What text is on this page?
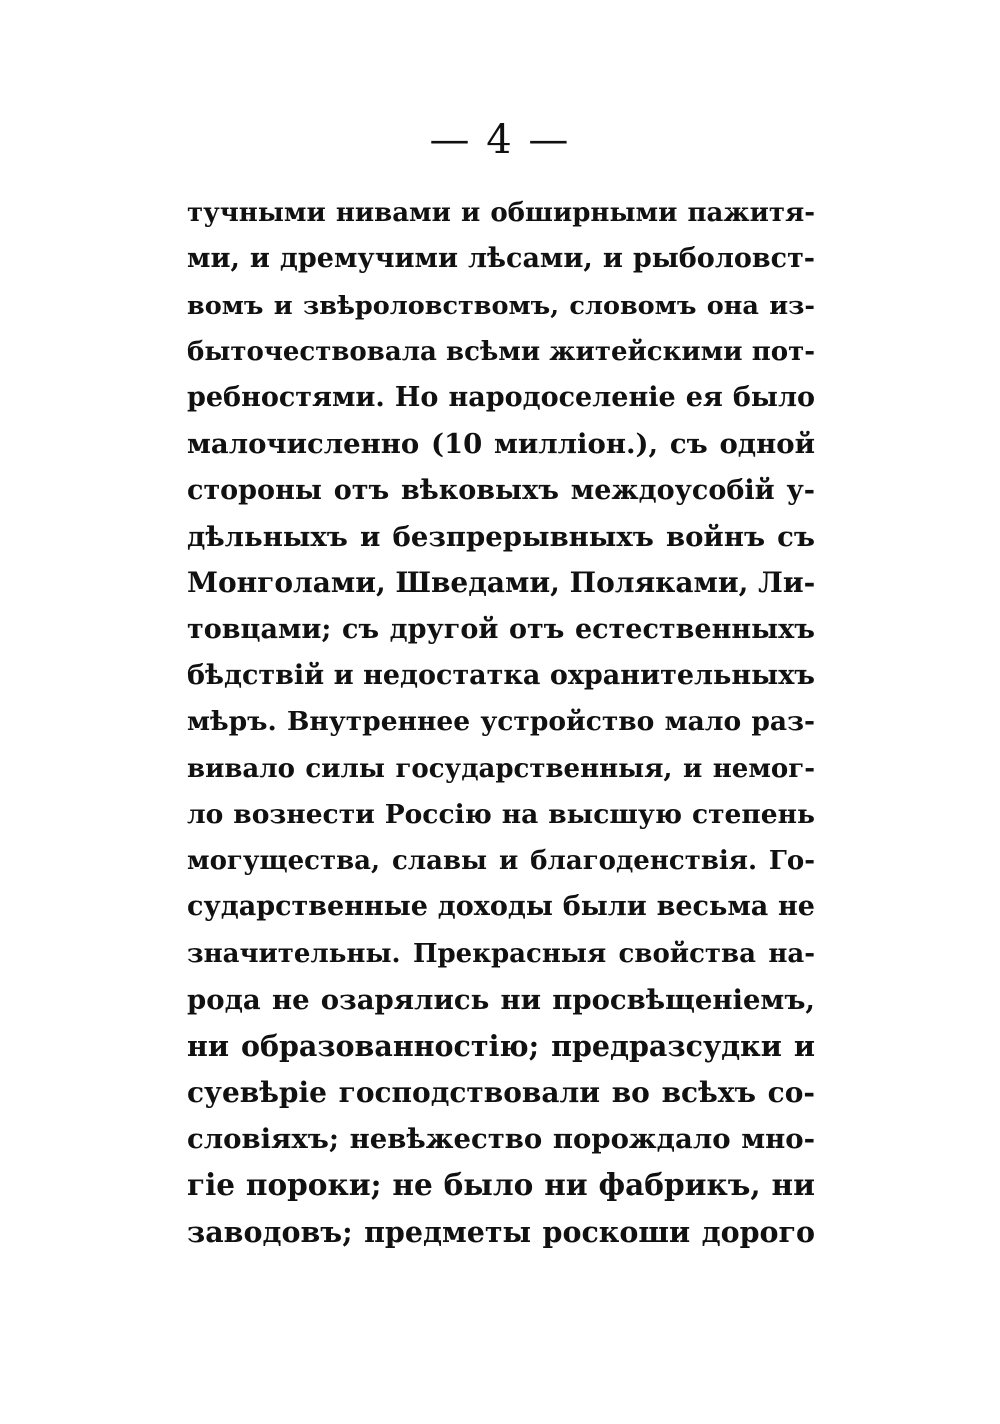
— 4 —
тучными нивами и обширными пажитя-
ми, и дремучими лѣсами, и рыболовст-
вомъ и звѣроловствомъ, словомъ она из-
быточествовала всѣми житейскими пот-
ребностями. Но народоселеніе ея было
малочисленно (10 милліон.), съ одной
стороны отъ вѣковыхъ междоусобій у-
дѣльныхъ и безпрерывныхъ войнъ съ
Монголами, Шведами, Поляками, Ли-
товцами; съ другой отъ естественныхъ
бѣдствій и недостатка охранительныхъ
мѣръ. Внутреннее устройство мало раз-
вивало силы государственныя, и немог-
ло вознести Россію на высшую степень
могущества, славы и благоденствія. Го-
сударственные доходы были весьма не
значительны. Прекрасныя свойства на-
рода не озарялись ни просвѣщеніемъ,
ни образованностію; предразсудки и
суевѣріе господствовали во всѣхъ со-
словіяхъ; невѣжество порождало мно-
гіе пороки; не было ни фабрикъ, ни
заводовъ; предметы роскоши дорого
